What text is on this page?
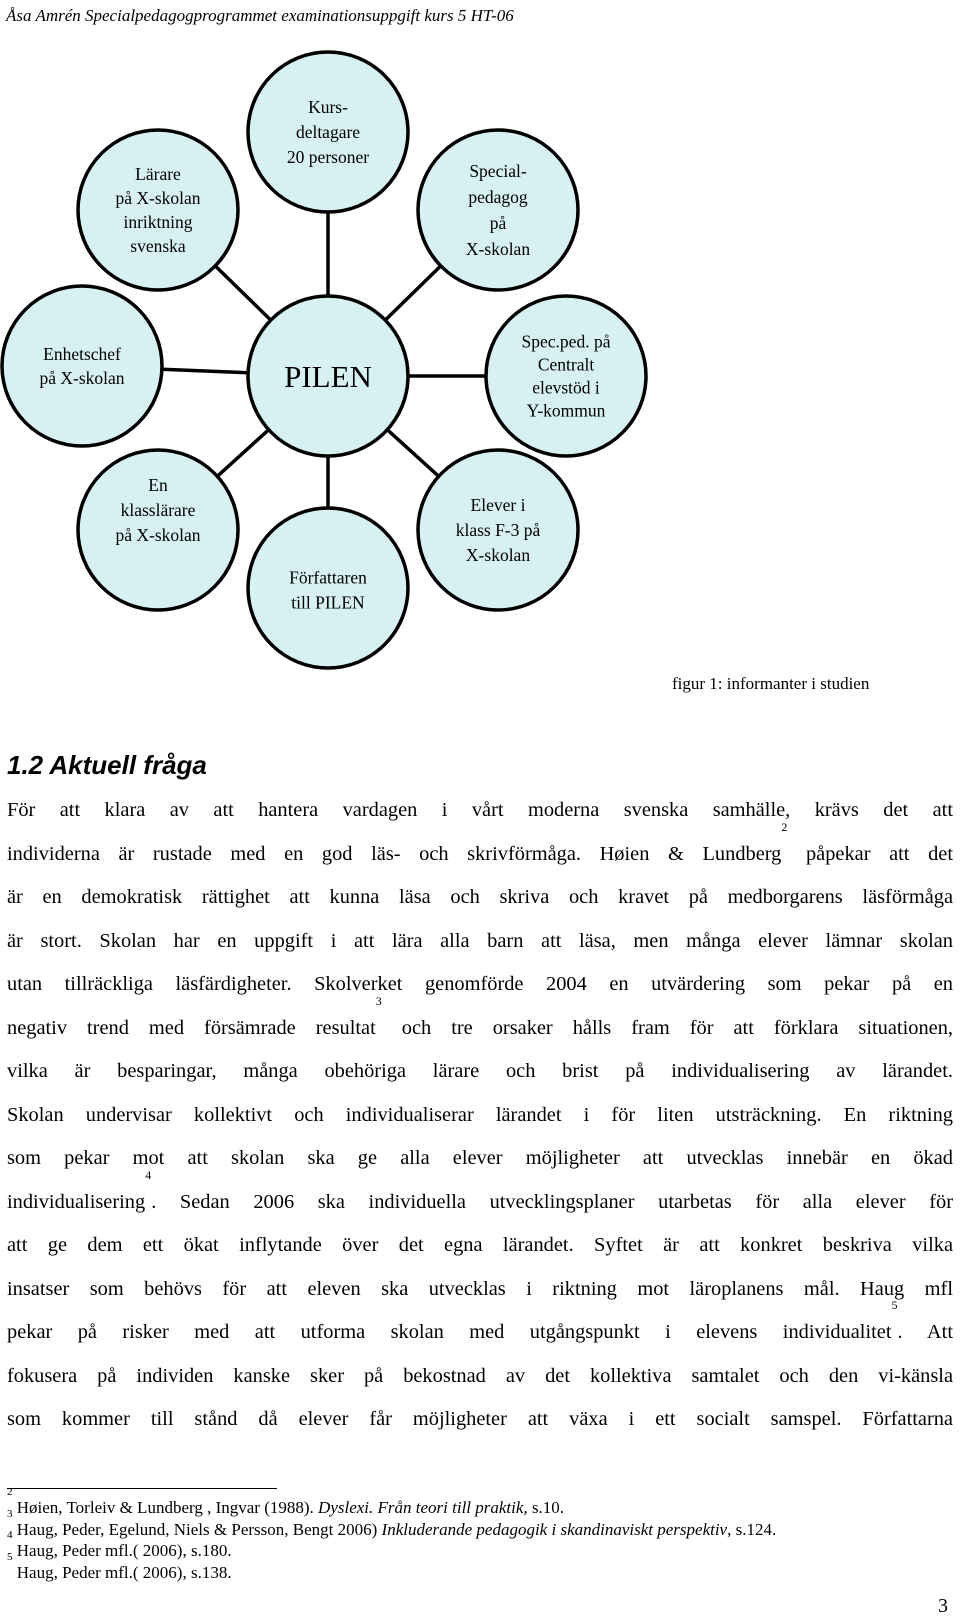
Åsa Amrén Specialpedagogprogrammet examinationsuppgift kurs 5 HT-06
Kurs-deltagare 20 personer
Special-pedagog på X-skolan
Spec.ped. på Centralt elevstöd i Y-kommun
Elever i klass F-3 på X-skolan
Författaren till PILEN
En klasslärare på X-skolan
Enhetschef på X-skolan
Lärare på X-skolan inriktning svenska
PILEN
figur 1: informanter i studien
1.2 Aktuell fråga
För att klara av att hantera vardagen i vårt moderna svenska samhälle, krävs det att
individerna är rustade med en god läs- och skrivförmåga. Høien & Lundberg$^2$ påpekar att det
är en demokratisk rättighet att kunna läsa och skriva och kravet på medborgarens läsförmåga
är stort. Skolan har en uppgift i att lära alla barn att läsa, men många elever lämnar skolan
utan tillräckliga läsfärdigheter. Skolverket genomförde 2004 en utvärdering som pekar på en
negativ trend med försämrade resultat$^3$ och tre orsaker hålls fram för att förklara situationen,
vilka är besparingar, många obehöriga lärare och brist på individualisering av lärandet.
Skolan undervisar kollektivt och individualiserar lärandet i för liten utsträckning. En riktning
som pekar mot att skolan ska ge alla elever möjligheter att utvecklas innebär en ökad
individualisering$^4$. Sedan 2006 ska individuella utvecklingsplaner utarbetas för alla elever för
att ge dem ett ökat inflytande över det egna lärandet. Syftet är att konkret beskriva vilka
insatser som behövs för att eleven ska utvecklas i riktning mot läroplanens mål. Haug mfl
pekar på risker med att utforma skolan med utgångspunkt i elevens individualitet$^5$. Att
fokusera på individen kanske sker på bekostnad av det kollektiva samtalet och den vi-känsla
som kommer till stånd då elever får möjligheter att växa i ett socialt samspel. Författarna
$^2$ Høien, Torleiv & Lundberg , Ingvar (1988). Dyslexi. Från teori till praktik, s.10.
$^3$ Haug, Peder, Egelund, Niels & Persson, Bengt 2006) Inkluderande pedagogik i skandinaviskt perspektiv, s.124.
$^4$ Haug, Peder mfl.( 2006), s.180.
$^5$ Haug, Peder mfl.( 2006), s.138.
3
